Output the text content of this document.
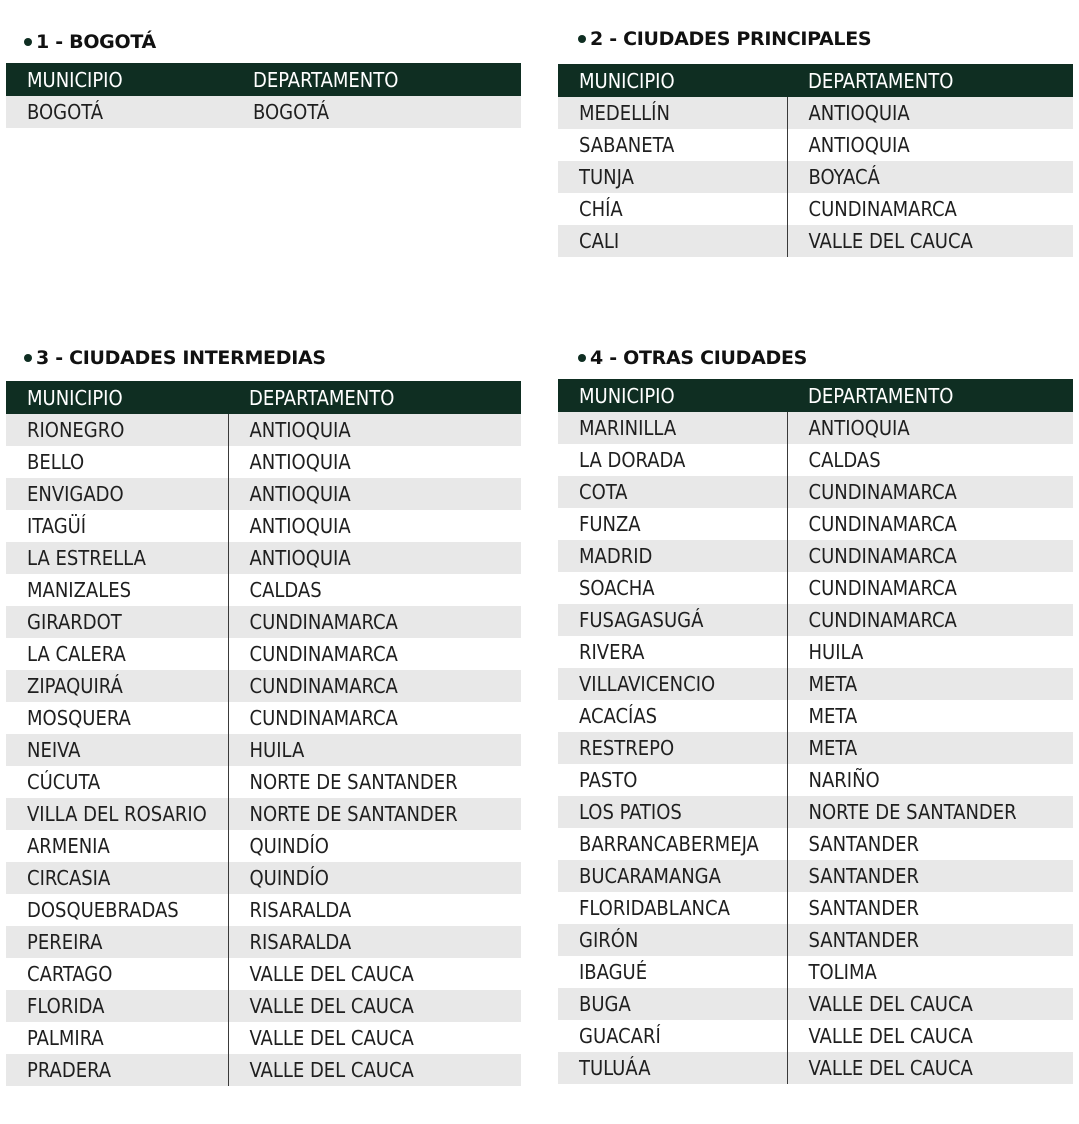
1 - BOGOTÁ
MUNICIPIO	DEPARTAMENTO
BOGOTÁ	BOGOTÁ
2 - CIUDADES PRINCIPALES
MUNICIPIO	DEPARTAMENTO
MEDELLÍN	ANTIOQUIA
SABANETA	ANTIOQUIA
TUNJA	BOYACÁ
CHÍA	CUNDINAMARCA
CALI	VALLE DEL CAUCA
3 - CIUDADES INTERMEDIAS
MUNICIPIO	DEPARTAMENTO
RIONEGRO	ANTIOQUIA
BELLO	ANTIOQUIA
ENVIGADO	ANTIOQUIA
ITAGÜÍ	ANTIOQUIA
LA ESTRELLA	ANTIOQUIA
MANIZALES	CALDAS
GIRARDOT	CUNDINAMARCA
LA CALERA	CUNDINAMARCA
ZIPAQUIRÁ	CUNDINAMARCA
MOSQUERA	CUNDINAMARCA
NEIVA	HUILA
CÚCUTA	NORTE DE SANTANDER
VILLA DEL ROSARIO	NORTE DE SANTANDER
ARMENIA	QUINDÍO
CIRCASIA	QUINDÍO
DOSQUEBRADAS	RISARALDA
PEREIRA	RISARALDA
CARTAGO	VALLE DEL CAUCA
FLORIDA	VALLE DEL CAUCA
PALMIRA	VALLE DEL CAUCA
PRADERA	VALLE DEL CAUCA
4 - OTRAS CIUDADES
MUNICIPIO	DEPARTAMENTO
MARINILLA	ANTIOQUIA
LA DORADA	CALDAS
COTA	CUNDINAMARCA
FUNZA	CUNDINAMARCA
MADRID	CUNDINAMARCA
SOACHA	CUNDINAMARCA
FUSAGASUGÁ	CUNDINAMARCA
RIVERA	HUILA
VILLAVICENCIO	META
ACACÍAS	META
RESTREPO	META
PASTO	NARIÑO
LOS PATIOS	NORTE DE SANTANDER
BARRANCABERMEJA	SANTANDER
BUCARAMANGA	SANTANDER
FLORIDABLANCA	SANTANDER
GIRÓN	SANTANDER
IBAGUÉ	TOLIMA
BUGA	VALLE DEL CAUCA
GUACARÍ	VALLE DEL CAUCA
TULUÁA	VALLE DEL CAUCA
